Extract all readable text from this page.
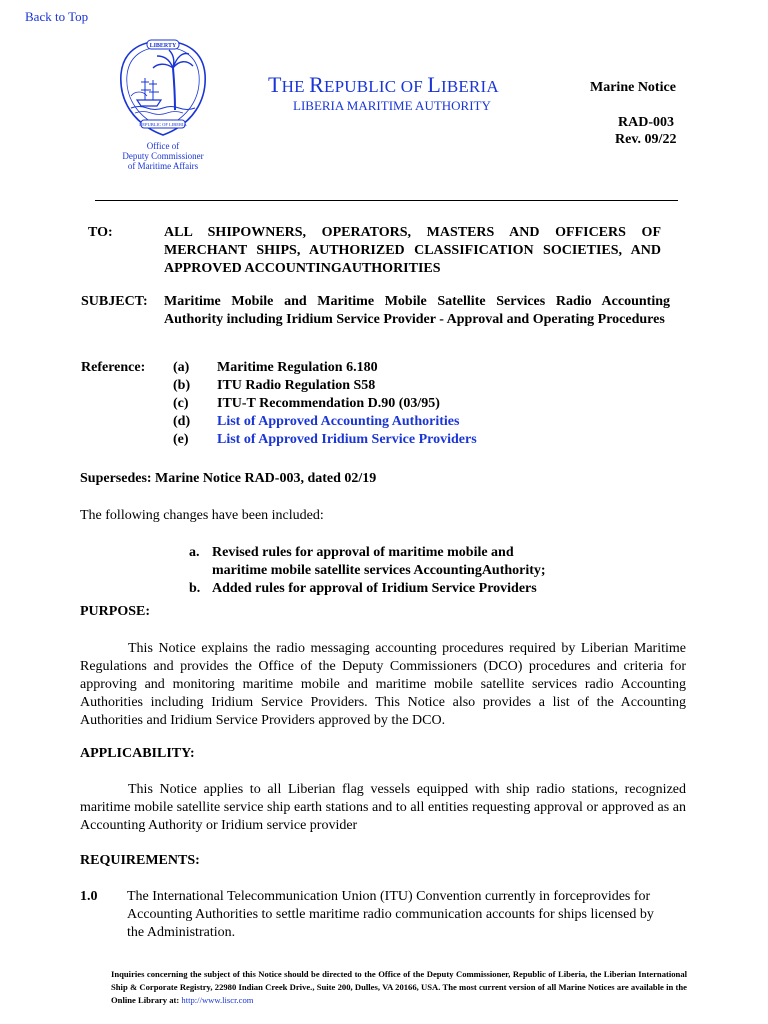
Back to Top
LIBERTY
REPUBLIC OF LIBERIA
Office of
Deputy Commissioner
of Maritime Affairs
THE REPUBLIC OF LIBERIA
LIBERIA MARITIME AUTHORITY
Marine Notice
RAD-003
Rev. 09/22
TO:	ALL SHIPOWNERS, OPERATORS, MASTERS AND OFFICERS OF MERCHANT SHIPS, AUTHORIZED CLASSIFICATION SOCIETIES, AND APPROVED ACCOUNTINGAUTHORITIES
SUBJECT: Maritime Mobile and Maritime Mobile Satellite Services Radio Accounting Authority including Iridium Service Provider - Approval and Operating Procedures
Reference: (a) Maritime Regulation 6.180
(b) ITU Radio Regulation S58
(c) ITU-T Recommendation D.90 (03/95)
(d) List of Approved Accounting Authorities
(e) List of Approved Iridium Service Providers
Supersedes: Marine Notice RAD-003, dated 02/19
The following changes have been included:
a. Revised rules for approval of maritime mobile and
maritime mobile satellite services AccountingAuthority;
b. Added rules for approval of Iridium Service Providers
PURPOSE:
This Notice explains the radio messaging accounting procedures required by Liberian Maritime Regulations and provides the Office of the Deputy Commissioners (DCO) procedures and criteria for approving and monitoring maritime mobile and maritime mobile satellite services radio Accounting Authorities including Iridium Service Providers. This Notice also provides a list of the Accounting Authorities and Iridium Service Providers approved by the DCO.
APPLICABILITY:
This Notice applies to all Liberian flag vessels equipped with ship radio stations, recognized maritime mobile satellite service ship earth stations and to all entities requesting approval or approved as an Accounting Authority or Iridium service provider
REQUIREMENTS:
1.0 The International Telecommunication Union (ITU) Convention currently in forceprovides for Accounting Authorities to settle maritime radio communication accounts for ships licensed by the Administration.
Inquiries concerning the subject of this Notice should be directed to the Office of the Deputy Commissioner, Republic of Liberia, the Liberian International Ship & Corporate Registry, 22980 Indian Creek Drive., Suite 200, Dulles, VA 20166, USA. The most current version of all Marine Notices are available in the Online Library at: http://www.liscr.com
